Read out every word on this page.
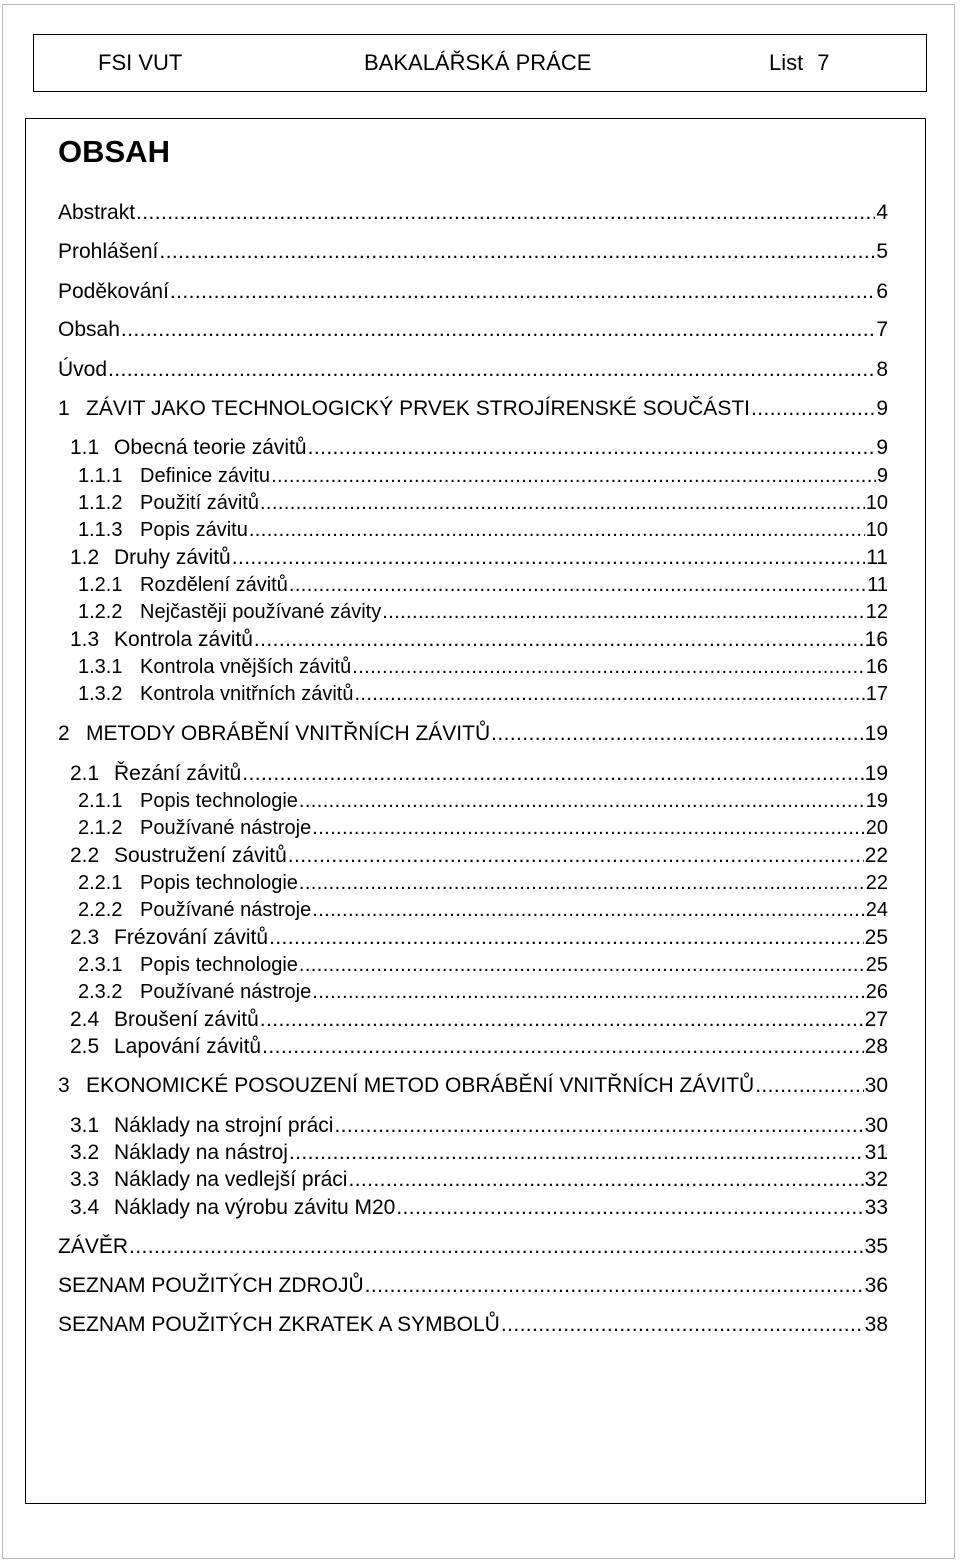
FSI VUT	BAKALÁŘSKÁ PRÁCE	List 7
OBSAH
Abstrakt .....	4
Prohlášení .....	5
Poděkování .....	6
Obsah .....	7
Úvod .....	8
1 ZÁVIT JAKO TECHNOLOGICKÝ PRVEK STROJÍRENSKÉ SOUČÁSTI .....	9
1.1 Obecná teorie závitů .....	9
1.1.1 Definice závitu .....	9
1.1.2 Použití závitů .....	10
1.1.3 Popis závitu .....	10
1.2 Druhy závitů .....	11
1.2.1 Rozdělení závitů .....	11
1.2.2 Nejčastěji používané závity .....	12
1.3 Kontrola závitů .....	16
1.3.1 Kontrola vnějších závitů .....	16
1.3.2 Kontrola vnitřních závitů .....	17
2 METODY OBRÁBĚNÍ VNITŘNÍCH ZÁVITŮ .....	19
2.1 Řezání závitů .....	19
2.1.1 Popis technologie .....	19
2.1.2 Používané nástroje .....	20
2.2 Soustružení závitů .....	22
2.2.1 Popis technologie .....	22
2.2.2 Používané nástroje .....	24
2.3 Frézování závitů .....	25
2.3.1 Popis technologie .....	25
2.3.2 Používané nástroje .....	26
2.4 Broušení závitů .....	27
2.5 Lapování závitů .....	28
3 EKONOMICKÉ POSOUZENÍ METOD OBRÁBĚNÍ VNITŘNÍCH ZÁVITŮ .....	30
3.1 Náklady na strojní práci .....	30
3.2 Náklady na nástroj .....	31
3.3 Náklady na vedlejší práci .....	32
3.4 Náklady na výrobu závitu M20 .....	33
ZÁVĚR .....	35
SEZNAM POUŽITÝCH ZDROJŮ .....	36
SEZNAM POUŽITÝCH ZKRATEK A SYMBOLŮ .....	38
